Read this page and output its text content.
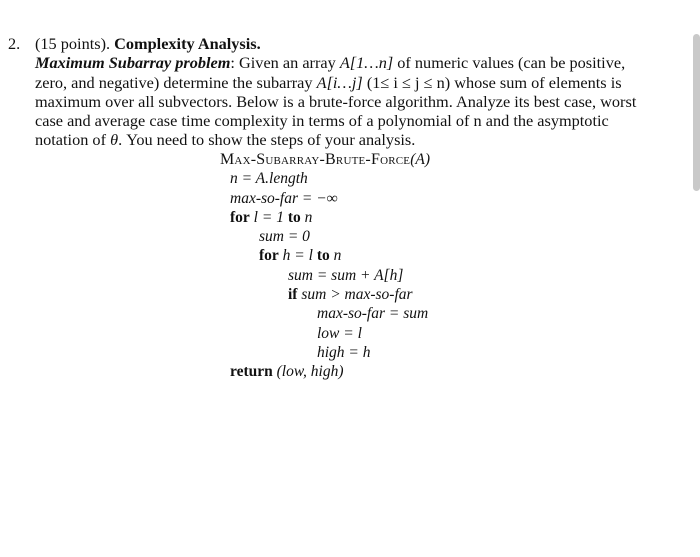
2. (15 points). Complexity Analysis.
Maximum Subarray problem: Given an array A[1…n] of numeric values (can be positive, zero, and negative) determine the subarray A[i…j] (1≤ i ≤ j ≤ n) whose sum of elements is maximum over all subvectors. Below is a brute-force algorithm. Analyze its best case, worst case and average case time complexity in terms of a polynomial of n and the asymptotic notation of θ. You need to show the steps of your analysis.
Max-Subarray-Brute-Force(A)
n = A.length
max-so-far = −∞
for l = 1 to n
sum = 0
for h = l to n
sum = sum + A[h]
if sum > max-so-far
max-so-far = sum
low = l
high = h
return (low, high)
